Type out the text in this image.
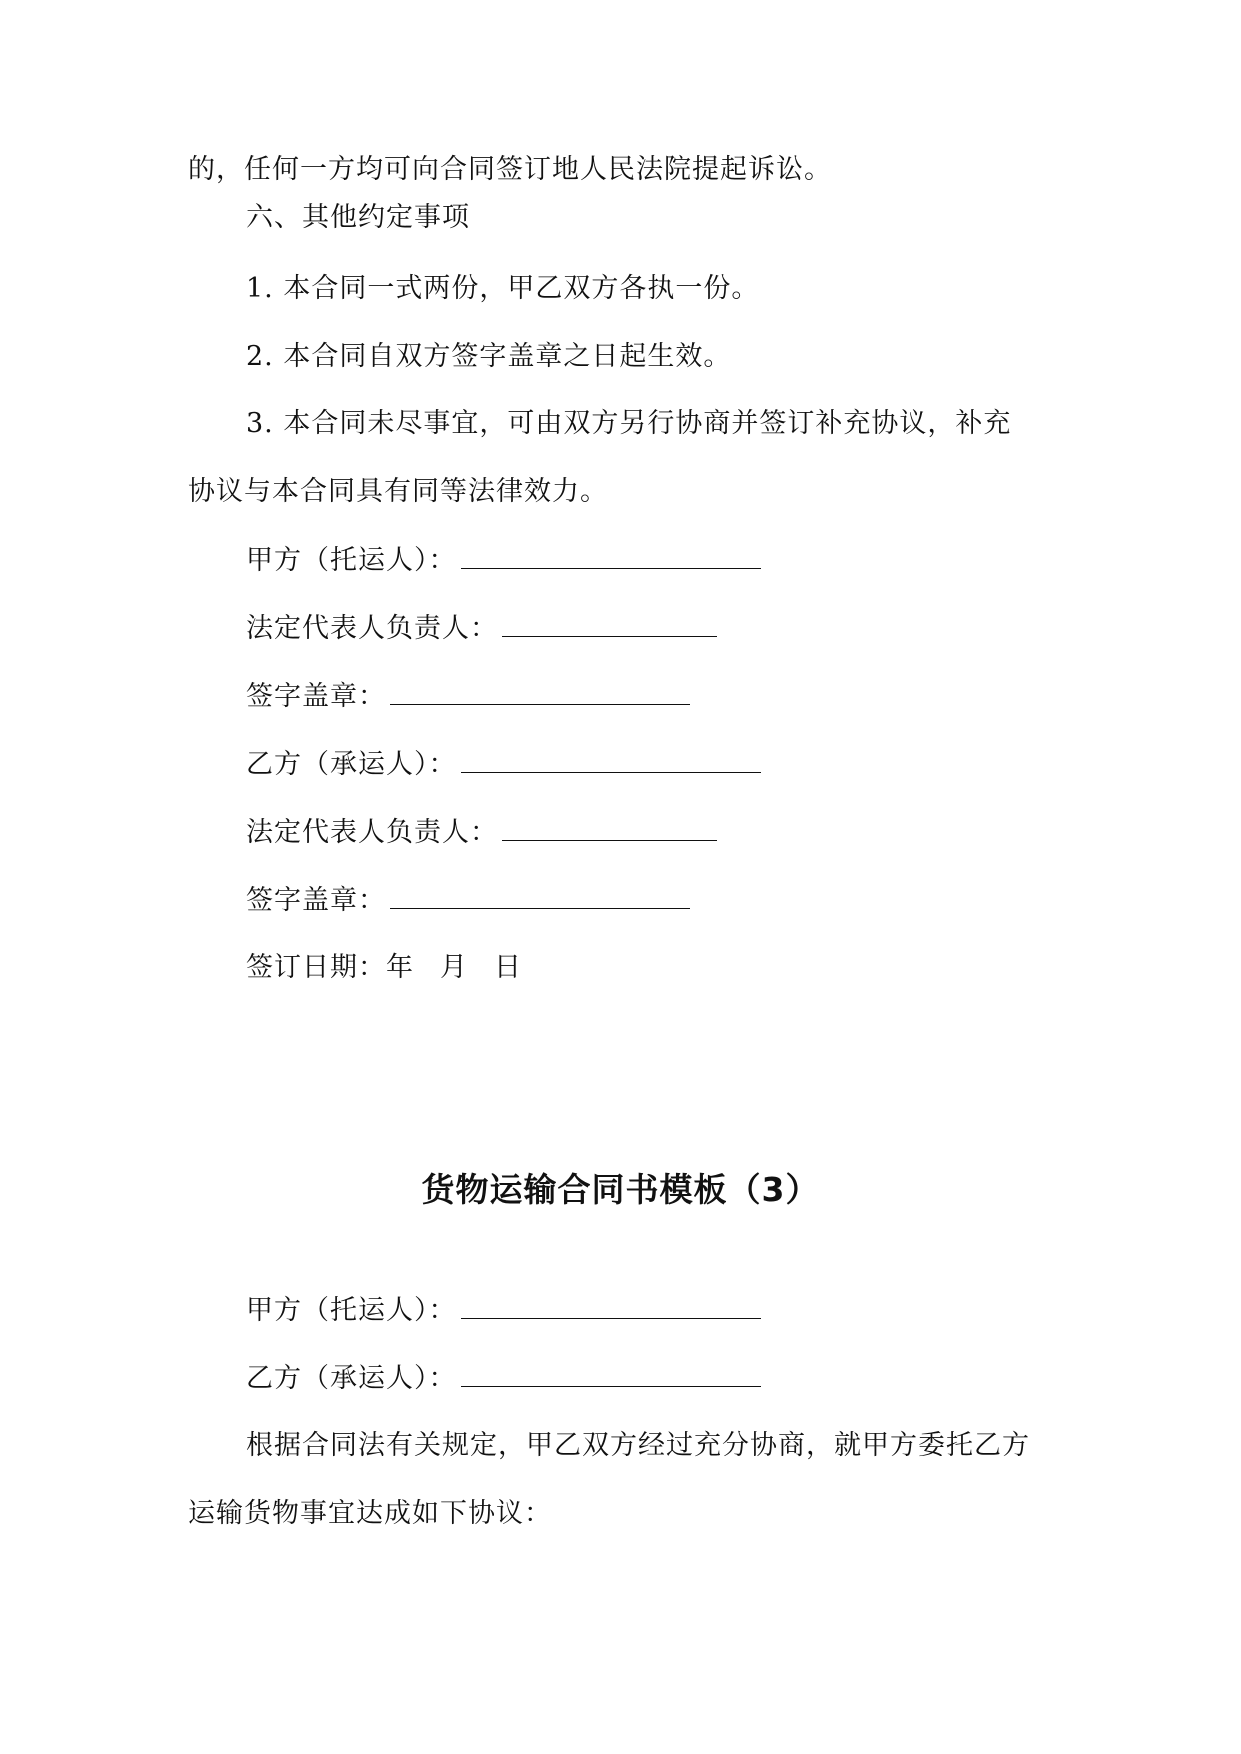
的，任何一方均可向合同签订地人民法院提起诉讼。
六、其他约定事项
1. 本合同一式两份，甲乙双方各执一份。
2. 本合同自双方签字盖章之日起生效。
3. 本合同未尽事宜，可由双方另行协商并签订补充协议，补充
协议与本合同具有同等法律效力。
甲方（托运人）：
法定代表人负责人：
签字盖章：
乙方（承运人）：
法定代表人负责人：
签字盖章：
签订日期：年 月 日
货物运输合同书模板（3）
甲方（托运人）：
乙方（承运人）：
根据合同法有关规定，甲乙双方经过充分协商，就甲方委托乙方
运输货物事宜达成如下协议：
